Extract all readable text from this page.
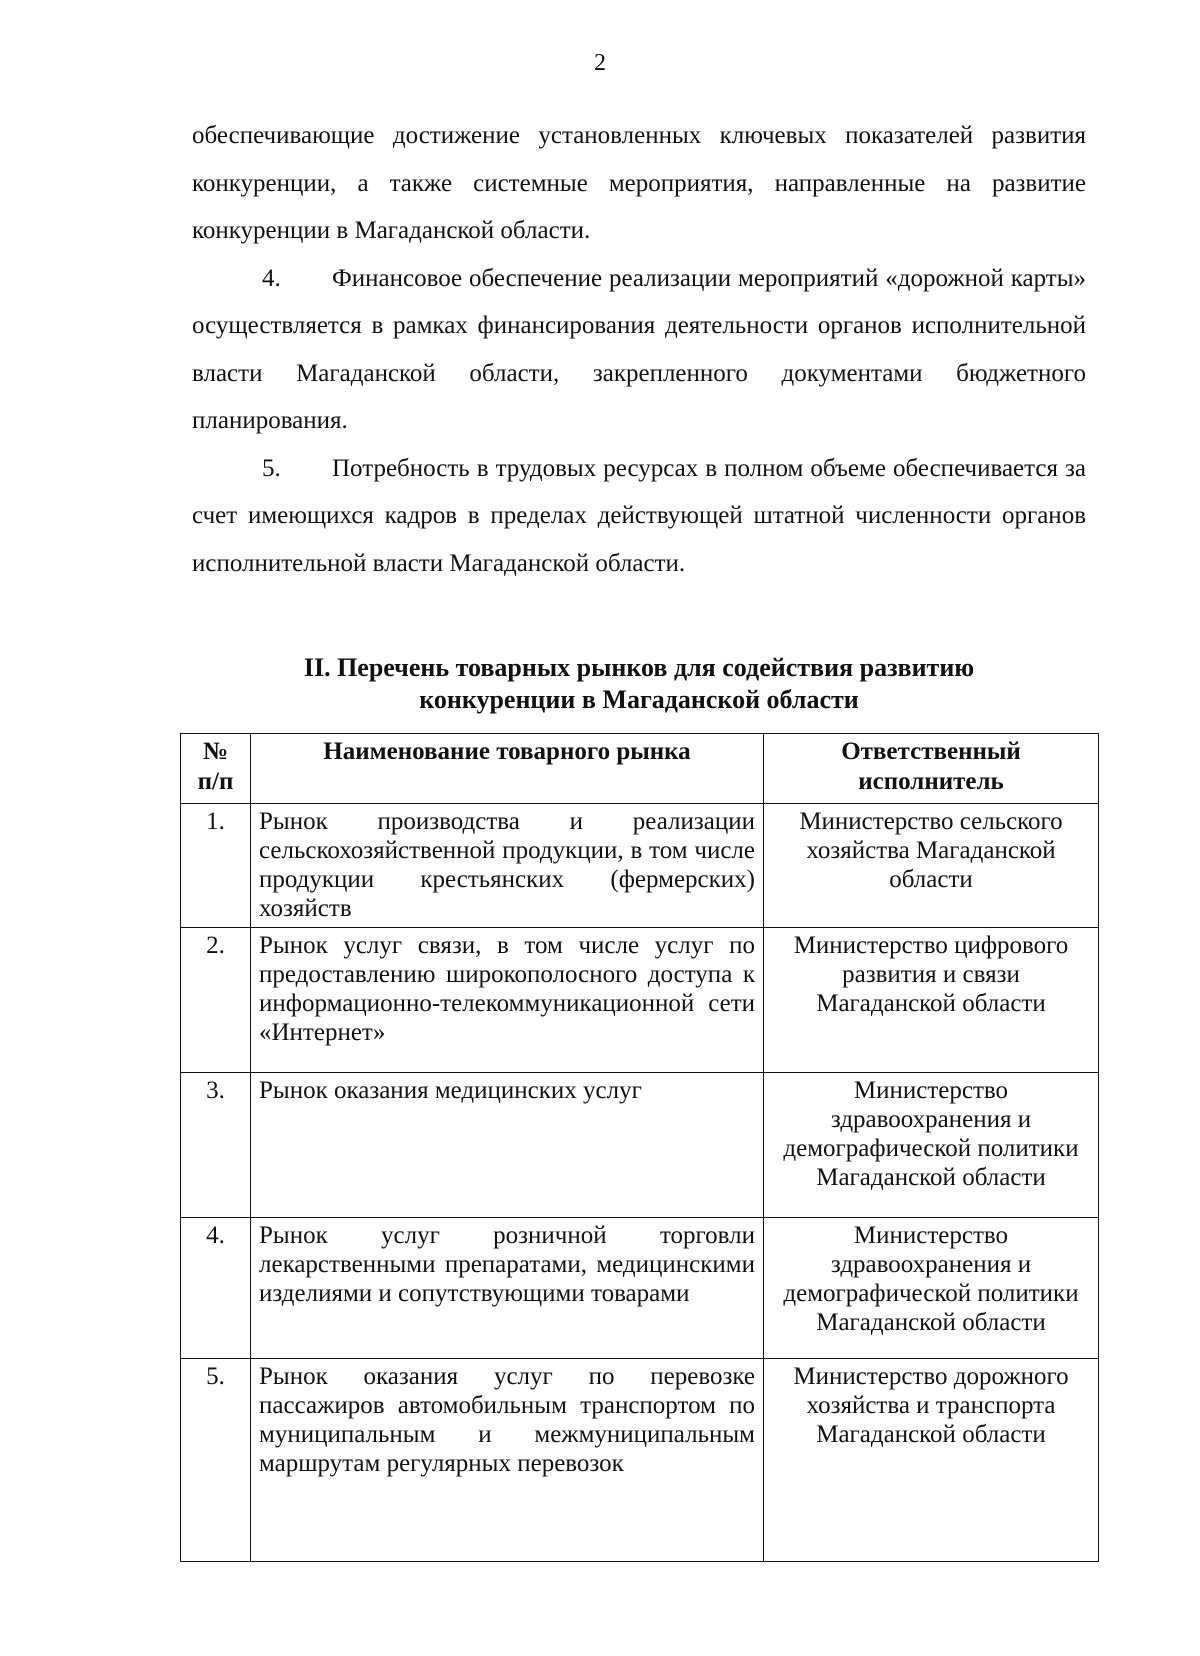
2

обеспечивающие достижение установленных ключевых показателей развития конкуренции, а также системные мероприятия, направленные на развитие конкуренции в Магаданской области.

4. Финансовое обеспечение реализации мероприятий «дорожной карты» осуществляется в рамках финансирования деятельности органов исполнительной власти Магаданской области, закрепленного документами бюджетного планирования.

5. Потребность в трудовых ресурсах в полном объеме обеспечивается за счет имеющихся кадров в пределах действующей штатной численности органов исполнительной власти Магаданской области.

II. Перечень товарных рынков для содействия развитию
конкуренции в Магаданской области
№
п/п	Наименование товарного рынка	Ответственный исполнитель
1.	Рынок производства и реализации сельскохозяйственной продукции, в том числе продукции крестьянских (фермерских) хозяйств	Министерство сельского хозяйства Магаданской области
2.	Рынок услуг связи, в том числе услуг по предоставлению широкополосного доступа к информационно-телекоммуникационной сети «Интернет»	Министерство цифрового развития и связи Магаданской области
3.	Рынок оказания медицинских услуг	Министерство здравоохранения и демографической политики Магаданской области
4.	Рынок услуг розничной торговли лекарственными препаратами, медицинскими изделиями и сопутствующими товарами	Министерство здравоохранения и демографической политики Магаданской области
5.	Рынок оказания услуг по перевозке пассажиров автомобильным транспортом по муниципальным и межмуниципальным маршрутам регулярных перевозок	Министерство дорожного хозяйства и транспорта Магаданской области
